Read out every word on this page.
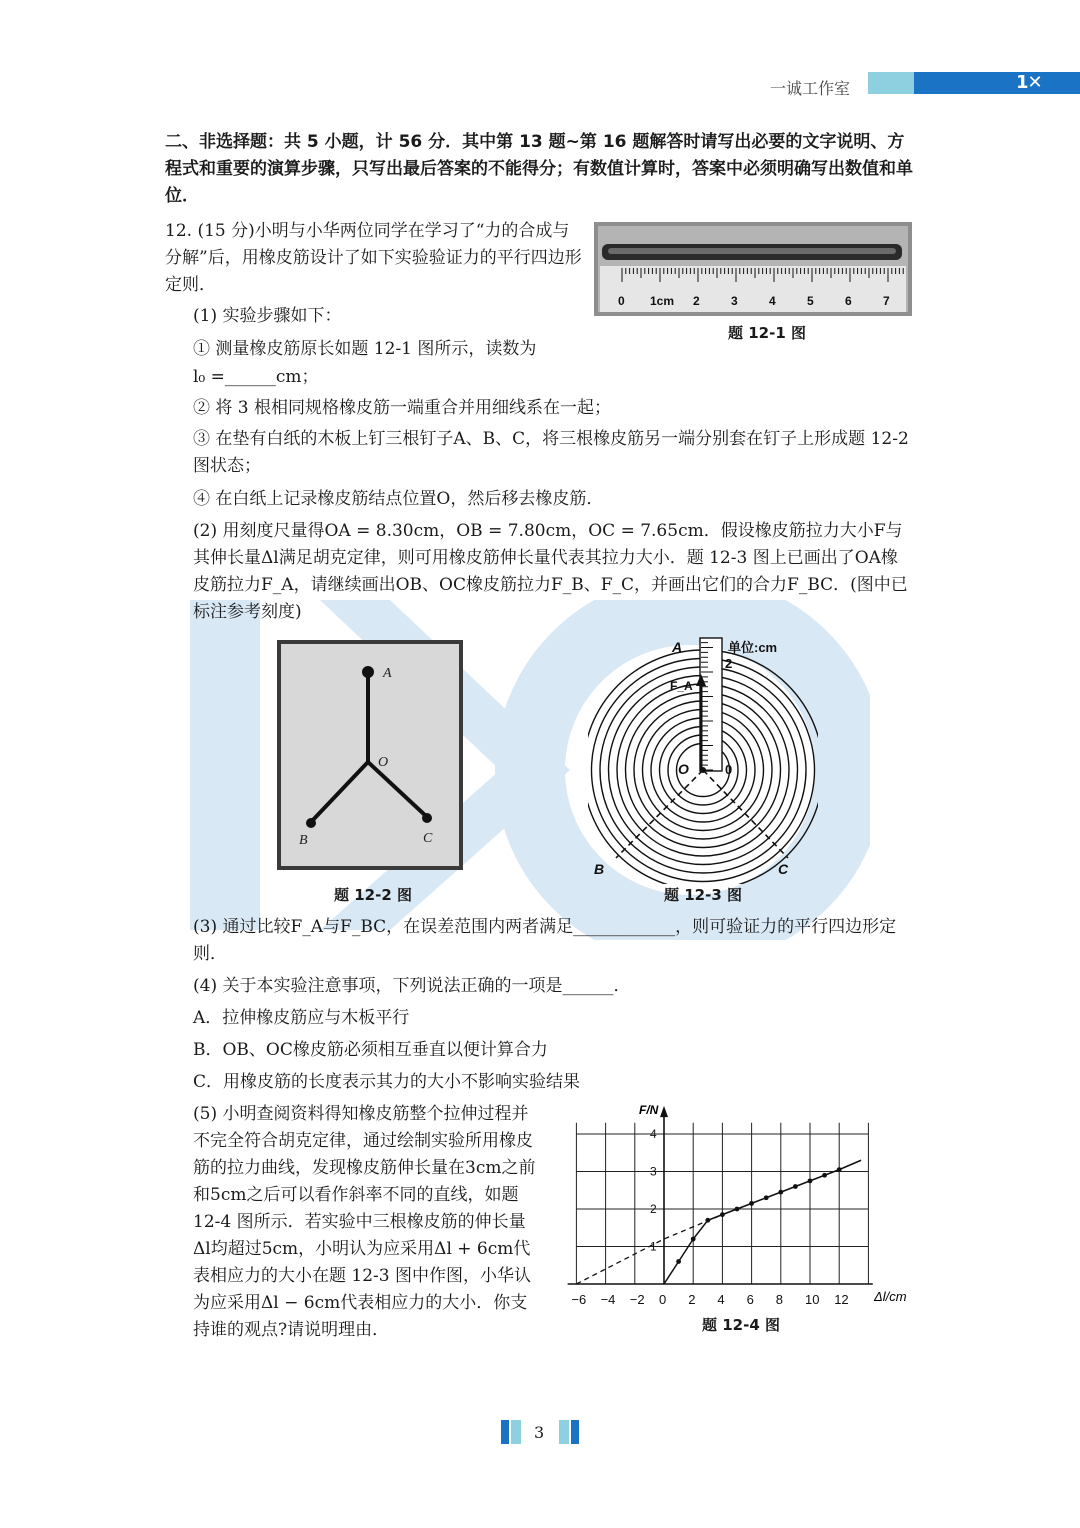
一诚工作室	1✕
二、非选择题：共 5 小题，计 56 分．其中第 13 题~第 16 题解答时请写出必要的文字说明、方程式和重要的演算步骤，只写出最后答案的不能得分；有数值计算时，答案中必须明确写出数值和单位．
12. (15 分)小明与小华两位同学在学习了“力的合成与分解”后，用橡皮筋设计了如下实验验证力的平行四边形定则．
0 1cm 2	3	4	5	6	7
题 12-1 图
(1) 实验步骤如下：
① 测量橡皮筋原长如题 12-1 图所示，读数为
l₀ =______cm；
② 将 3 根相同规格橡皮筋一端重合并用细线系在一起；
③ 在垫有白纸的木板上钉三根钉子A、B、C，将三根橡皮筋另一端分别套在钉子上形成题 12-2 图状态；
④ 在白纸上记录橡皮筋结点位置O，然后移去橡皮筋．
(2) 用刻度尺量得OA = 8.30cm，OB = 7.80cm，OC = 7.65cm．假设橡皮筋拉力大小F与其伸长量Δl满足胡克定律，则可用橡皮筋伸长量代表其拉力大小．题 12-3 图上已画出了OA橡皮筋拉力F_A，请继续画出OB、OC橡皮筋拉力F_B、F_C，并画出它们的合力F_BC．(图中已标注参考刻度)
A
O
B	C
题 12-2 图
A
O
B	C
F_A
单位:cm
2
0
题 12-3 图
(3) 通过比较F_A与F_BC，在误差范围内两者满足____________，则可验证力的平行四边形定则．
(4) 关于本实验注意事项，下列说法正确的一项是______．
A．拉伸橡皮筋应与木板平行
B．OB、OC橡皮筋必须相互垂直以便计算合力
C．用橡皮筋的长度表示其力的大小不影响实验结果
(5) 小明查阅资料得知橡皮筋整个拉伸过程并不完全符合胡克定律，通过绘制实验所用橡皮筋的拉力曲线，发现橡皮筋伸长量在3cm之前和5cm之后可以看作斜率不同的直线，如题 12-4 图所示．若实验中三根橡皮筋的伸长量Δl均超过5cm，小明认为应采用Δl + 6cm代表相应力的大小在题 12-3 图中作图，小华认为应采用Δl − 6cm代表相应力的大小．你支持谁的观点?请说明理由．
−6 −4 −2 0 2 4 6 8 10 12
1
2
3
4
F/N
Δl/cm
题 12-4 图
3
